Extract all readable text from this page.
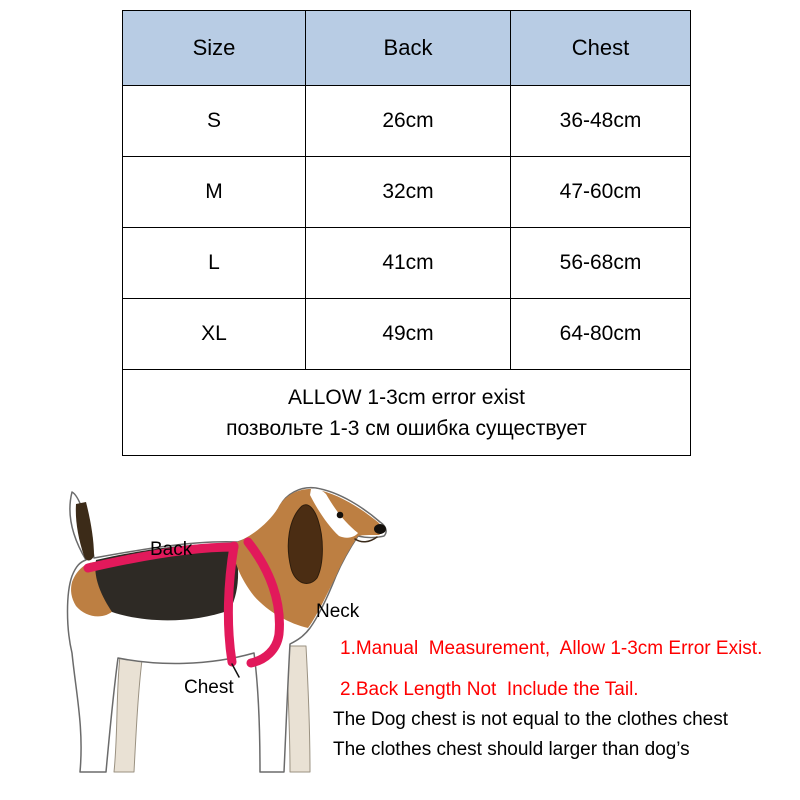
Size	Back	Chest
S	26cm	36-48cm
M	32cm	47-60cm
L	41cm	56-68cm
XL	49cm	64-80cm

ALLOW 1-3cm error exist
позвольте 1-3 см ошибка существует		
Back
Neck
Chest
1.Manual  Measurement,  Allow 1-3cm Error Exist.
2.Back Length Not  Include the Tail.
The Dog chest is not equal to the clothes chest
The clothes chest should larger than dog’s
